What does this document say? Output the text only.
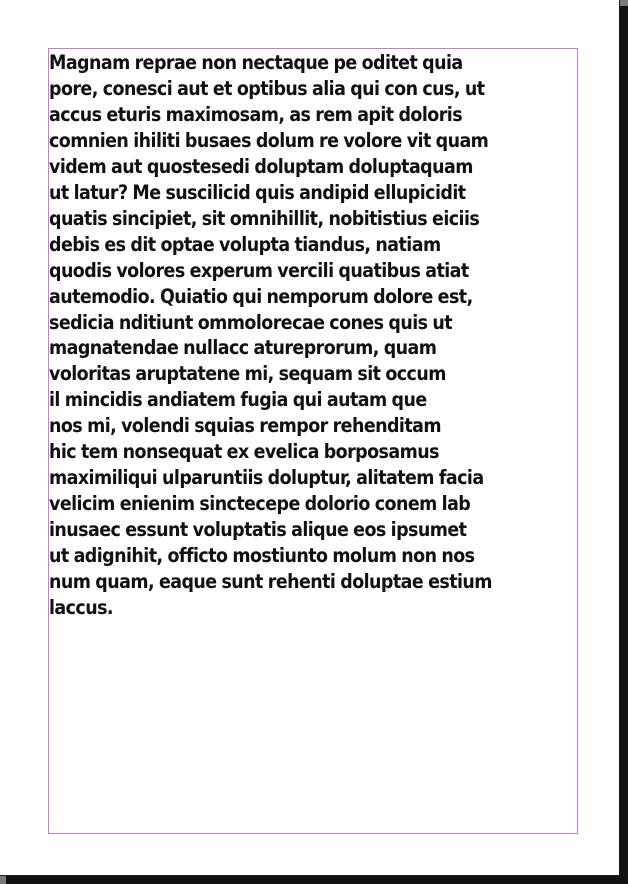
Magnam reprae non nectaque pe oditet quia
pore, conesci aut et optibus alia qui con cus, ut
accus eturis maximosam, as rem apit doloris
comnien ihiliti busaes dolum re volore vit quam
videm aut quostesedi doluptam doluptaquam
ut latur? Me suscilicid quis andipid ellupicidit
quatis sincipiet, sit omnihillit, nobitistius eiciis
debis es dit optae volupta tiandus, natiam
quodis volores experum vercili quatibus atiat
autemodio. Quiatio qui nemporum dolore est,
sedicia nditiunt ommolorecae cones quis ut
magnatendae nullacc atureprorum, quam
voloritas aruptatene mi, sequam sit occum
il mincidis andiatem fugia qui autam que
nos mi, volendi squias rempor rehenditam
hic tem nonsequat ex evelica borposamus
maximiliqui ulparuntiis doluptur, alitatem facia
velicim enienim sinctecepe dolorio conem lab
inusaec essunt voluptatis alique eos ipsumet
ut adignihit, officto mostiunto molum non nos
num quam, eaque sunt rehenti doluptae estium
laccus.
